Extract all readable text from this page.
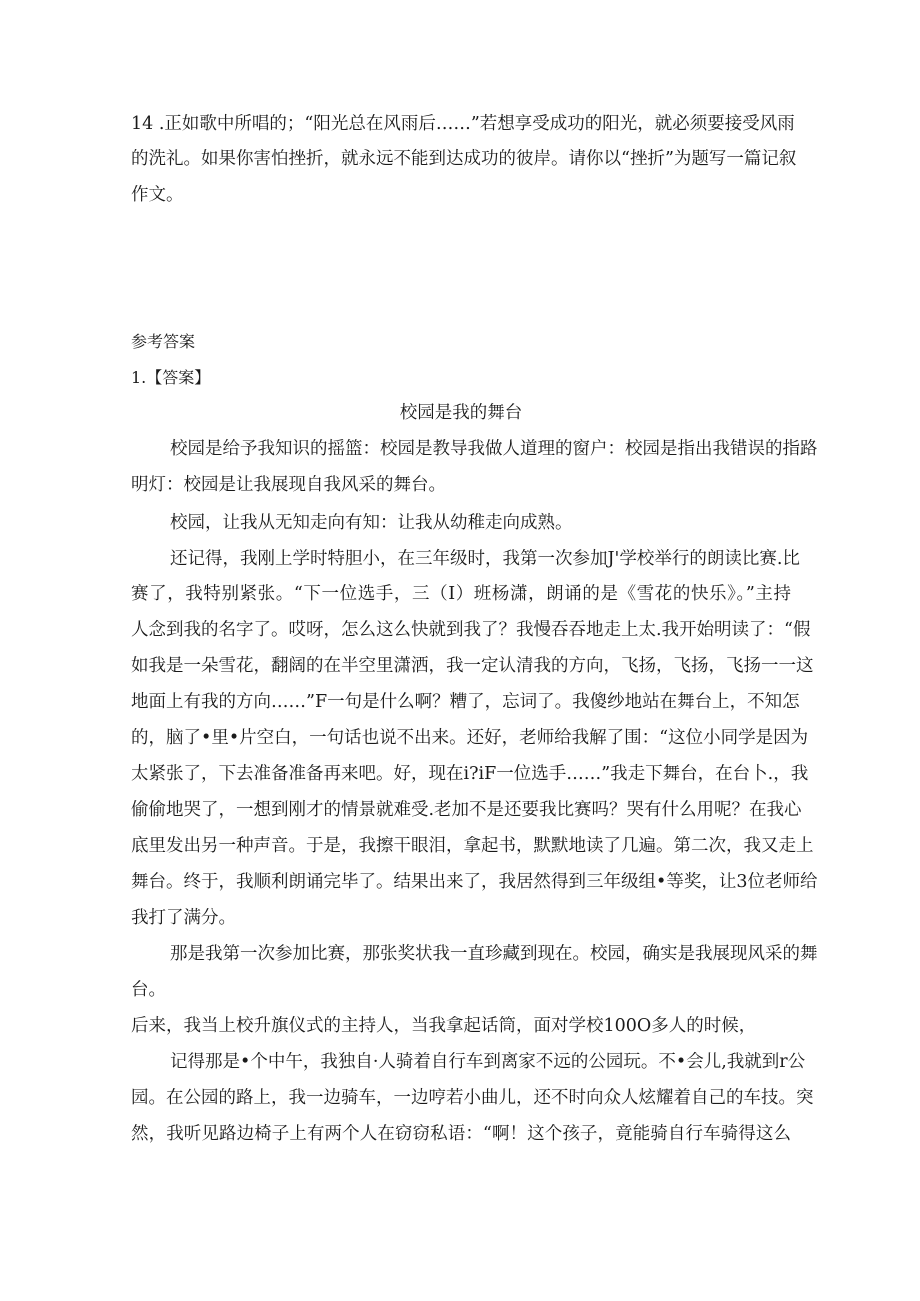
14 .正如歌中所唱的；“阳光总在风雨后……”若想享受成功的阳光，就必须要接受风雨
的洗礼。如果你害怕挫折，就永远不能到达成功的彼岸。请你以“挫折”为题写一篇记叙
作文。
参考答案
1.【答案】
校园是我的舞台
校园是给予我知识的摇篮：校园是教导我做人道理的窗户：校园是指出我错误的指路
明灯：校园是让我展现自我风采的舞台。
校园，让我从无知走向有知：让我从幼稚走向成熟。
还记得，我刚上学时特胆小，在三年级时，我第一次参加J'学校举行的朗读比赛.比
赛了，我特别紧张。“下一位选手，三（I）班杨潇，朗诵的是《雪花的快乐》。”主持
人念到我的名字了。哎呀，怎么这么快就到我了？我慢吞吞地走上太.我开始明读了：“假
如我是一朵雪花，翻阔的在半空里潇洒，我一定认清我的方向，飞扬，飞扬，飞扬一一这
地面上有我的方向……”F一句是什么啊？糟了，忘词了。我傻纱地站在舞台上，不知怎
的，脑了•里•片空白，一句话也说不出来。还好，老师给我解了围：“这位小同学是因为
太紧张了，下去准备准备再来吧。好，现在i?iF一位选手……”我走下舞台，在台卜.，我
偷偷地哭了，一想到刚才的情景就难受.老加不是还要我比赛吗？哭有什么用呢？在我心
底里发出另一种声音。于是，我擦干眼泪，拿起书，默默地读了几遍。第二次，我又走上
舞台。终于，我顺利朗诵完毕了。结果出来了，我居然得到三年级组•等奖，让3位老师给
我打了满分。
那是我第一次参加比赛，那张奖状我一直珍藏到现在。校园，确实是我展现风采的舞
台。
后来，我当上校升旗仪式的主持人，当我拿起话筒，面对学校100O多人的时候，
记得那是•个中午，我独自·人骑着自行车到离家不远的公园玩。不•会儿,我就到r公
园。在公园的路上，我一边骑车，一边哼若小曲儿，还不时向众人炫耀着自己的车技。突
然，我听见路边椅子上有两个人在窃窃私语：“啊！这个孩子，竟能骑自行车骑得这么
